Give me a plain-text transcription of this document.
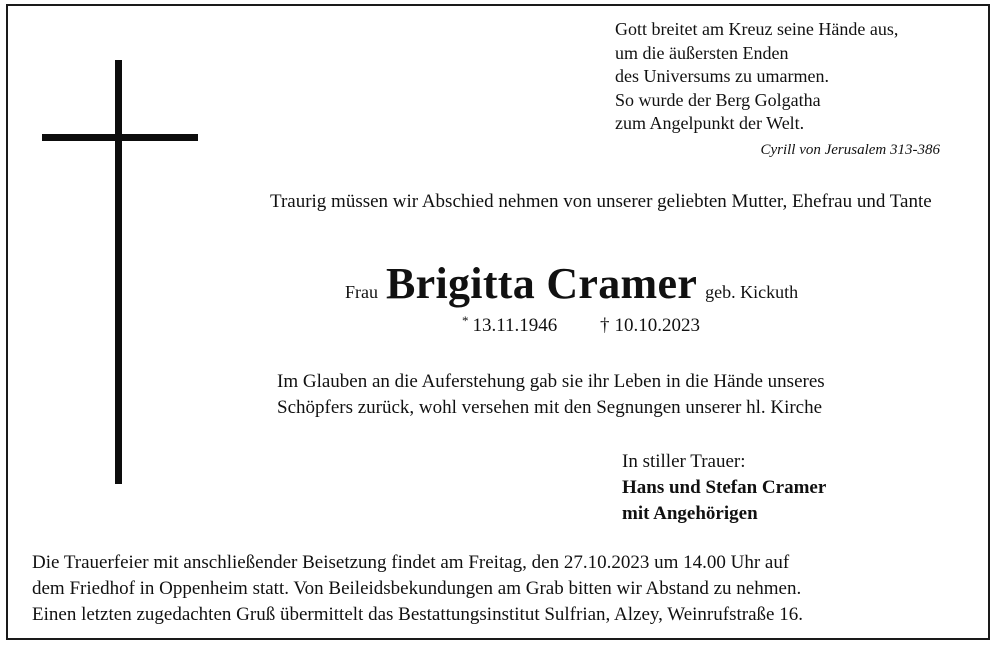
Gott breitet am Kreuz seine Hände aus,
um die äußersten Enden
des Universums zu umarmen.
So wurde der Berg Golgatha
zum Angelpunkt der Welt.
Cyrill von Jerusalem 313-386
Traurig müssen wir Abschied nehmen von unserer geliebten Mutter, Ehefrau und Tante
Frau Brigitta Cramer geb. Kickuth
* 13.11.1946 † 10.10.2023
Im Glauben an die Auferstehung gab sie ihr Leben in die Hände unseres
Schöpfers zurück, wohl versehen mit den Segnungen unserer hl. Kirche
In stiller Trauer:
Hans und Stefan Cramer
mit Angehörigen
Die Trauerfeier mit anschließender Beisetzung findet am Freitag, den 27.10.2023 um 14.00 Uhr auf
dem Friedhof in Oppenheim statt. Von Beileidsbekundungen am Grab bitten wir Abstand zu nehmen.
Einen letzten zugedachten Gruß übermittelt das Bestattungsinstitut Sulfrian, Alzey, Weinrufstraße 16.
